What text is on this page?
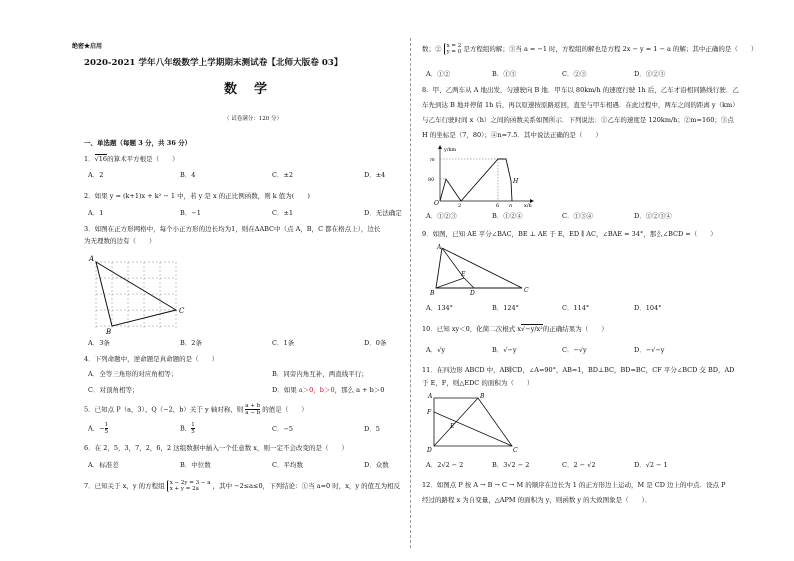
绝密★启用
2020-2021 学年八年级数学上学期期末测试卷【北师大版卷 03】
数　学
（ 试卷满分：120 分）
一、单选题（每题 3 分，共 36 分）
1．√16的算术平方根是（　　）
A．2	B．4	C．±2	D．±4
2．如果 y = (k+1)x + k² − 1 中，若 y 是 x 的正比例函数，则 k 值为(　　)
A．1	B．−1	C．±1	D．无法确定
3．如图在正方形网格中，每个小正方形的边长均为1，则在ΔABC中（点 A，B，C 都在格点上），边长
为无理数的边有（　　）
A
B
C
A．3条	B．2条	C．1条	D．0条
4．下列命题中，逆命题是真命题的是（　　）
A．全等三角形的对应角相等；	B．同旁内角互补，两直线平行；
C．对顶角相等；	D．如果 a＞0，b＞0，那么 a + b＞0
5．已知点 P（a，3）、Q（−2，b）关于 y 轴对称，则 $\frac{a + b}{a - b}$ 的值是（　　）
A．− $\frac{1}{5}$	B． $\frac{1}{5}$	C．−5	D．5
6．在 2，5，3，7，2，6，2 这组数据中插入一个任意数 x，则一定不会改变的是（　　）
A．标准差	B．中位数	C．平均数	D．众数
7．已知关于 x，y 的方程组 x − 2y = 3 − a
x + y = 2a	，其中 −2≤a≤0，下列结论：①当 a=0 时，x，y 的值互为相反
数；② x = 2
y = 0 是方程组的解；③当 a = −1 时，方程组的解也是方程 2x − y = 1 − a 的解；其中正确的是（　　）
A．①②	B．①③	C．②③	D．①②③
8．甲、乙两车从 A 地出发，匀速驶向 B 地．甲车以 80km/h 的速度行驶 1h 后，乙车才沿相同路线行驶．乙
车先到达 B 地并停留 1h 后，再以原速按原路返回，直至与甲车相遇．在此过程中，两车之间的距离 y（km）
与乙车行驶时间 x（h）之间的函数关系如图所示．下列说法：①乙车的速度是 120km/h；②m=160；③点
H 的坐标是（7，80）；④n=7.5．其中说法正确的是（　　）
y/km
x/h
O
m
80
2	6 n
H
A．①②③	B．①②④	C．①③④	D．①②③④
9．如图，已知 AE 平分∠BAC，BE ⊥ AE 于 E，ED ∥ AC，∠BAE = 34°，那么∠BCD =（　　）
A
E
B	D	C
A．134°	B．124°	C．114°	D．104°
10．已知 xy＜0，化简二次根式 x√−y/x²的正确结果为（　　）
A．√y	B．√−y	C．−√y	D．−√−y
11．在四边形 ABCD 中，AB∥CD，∠A=90°，AB=1，BD⊥BC，BD=BC，CF 平分∠BCD 交 BD，AD
于 E，F，则△EDC 的面积为（　　）
A	B
F
E
D	C
A．2√2 − 2	B．3√2 − 2	C．2 − √2	D．√2 − 1
12．如图点 P 按 A → B → C → M 的顺序在边长为 1 的正方形边上运动，M 是 CD 边上的中点．设点 P
经过的路程 x 为自变量，△APM 的面积为 y，则函数 y 的大致图象是（　　）．
